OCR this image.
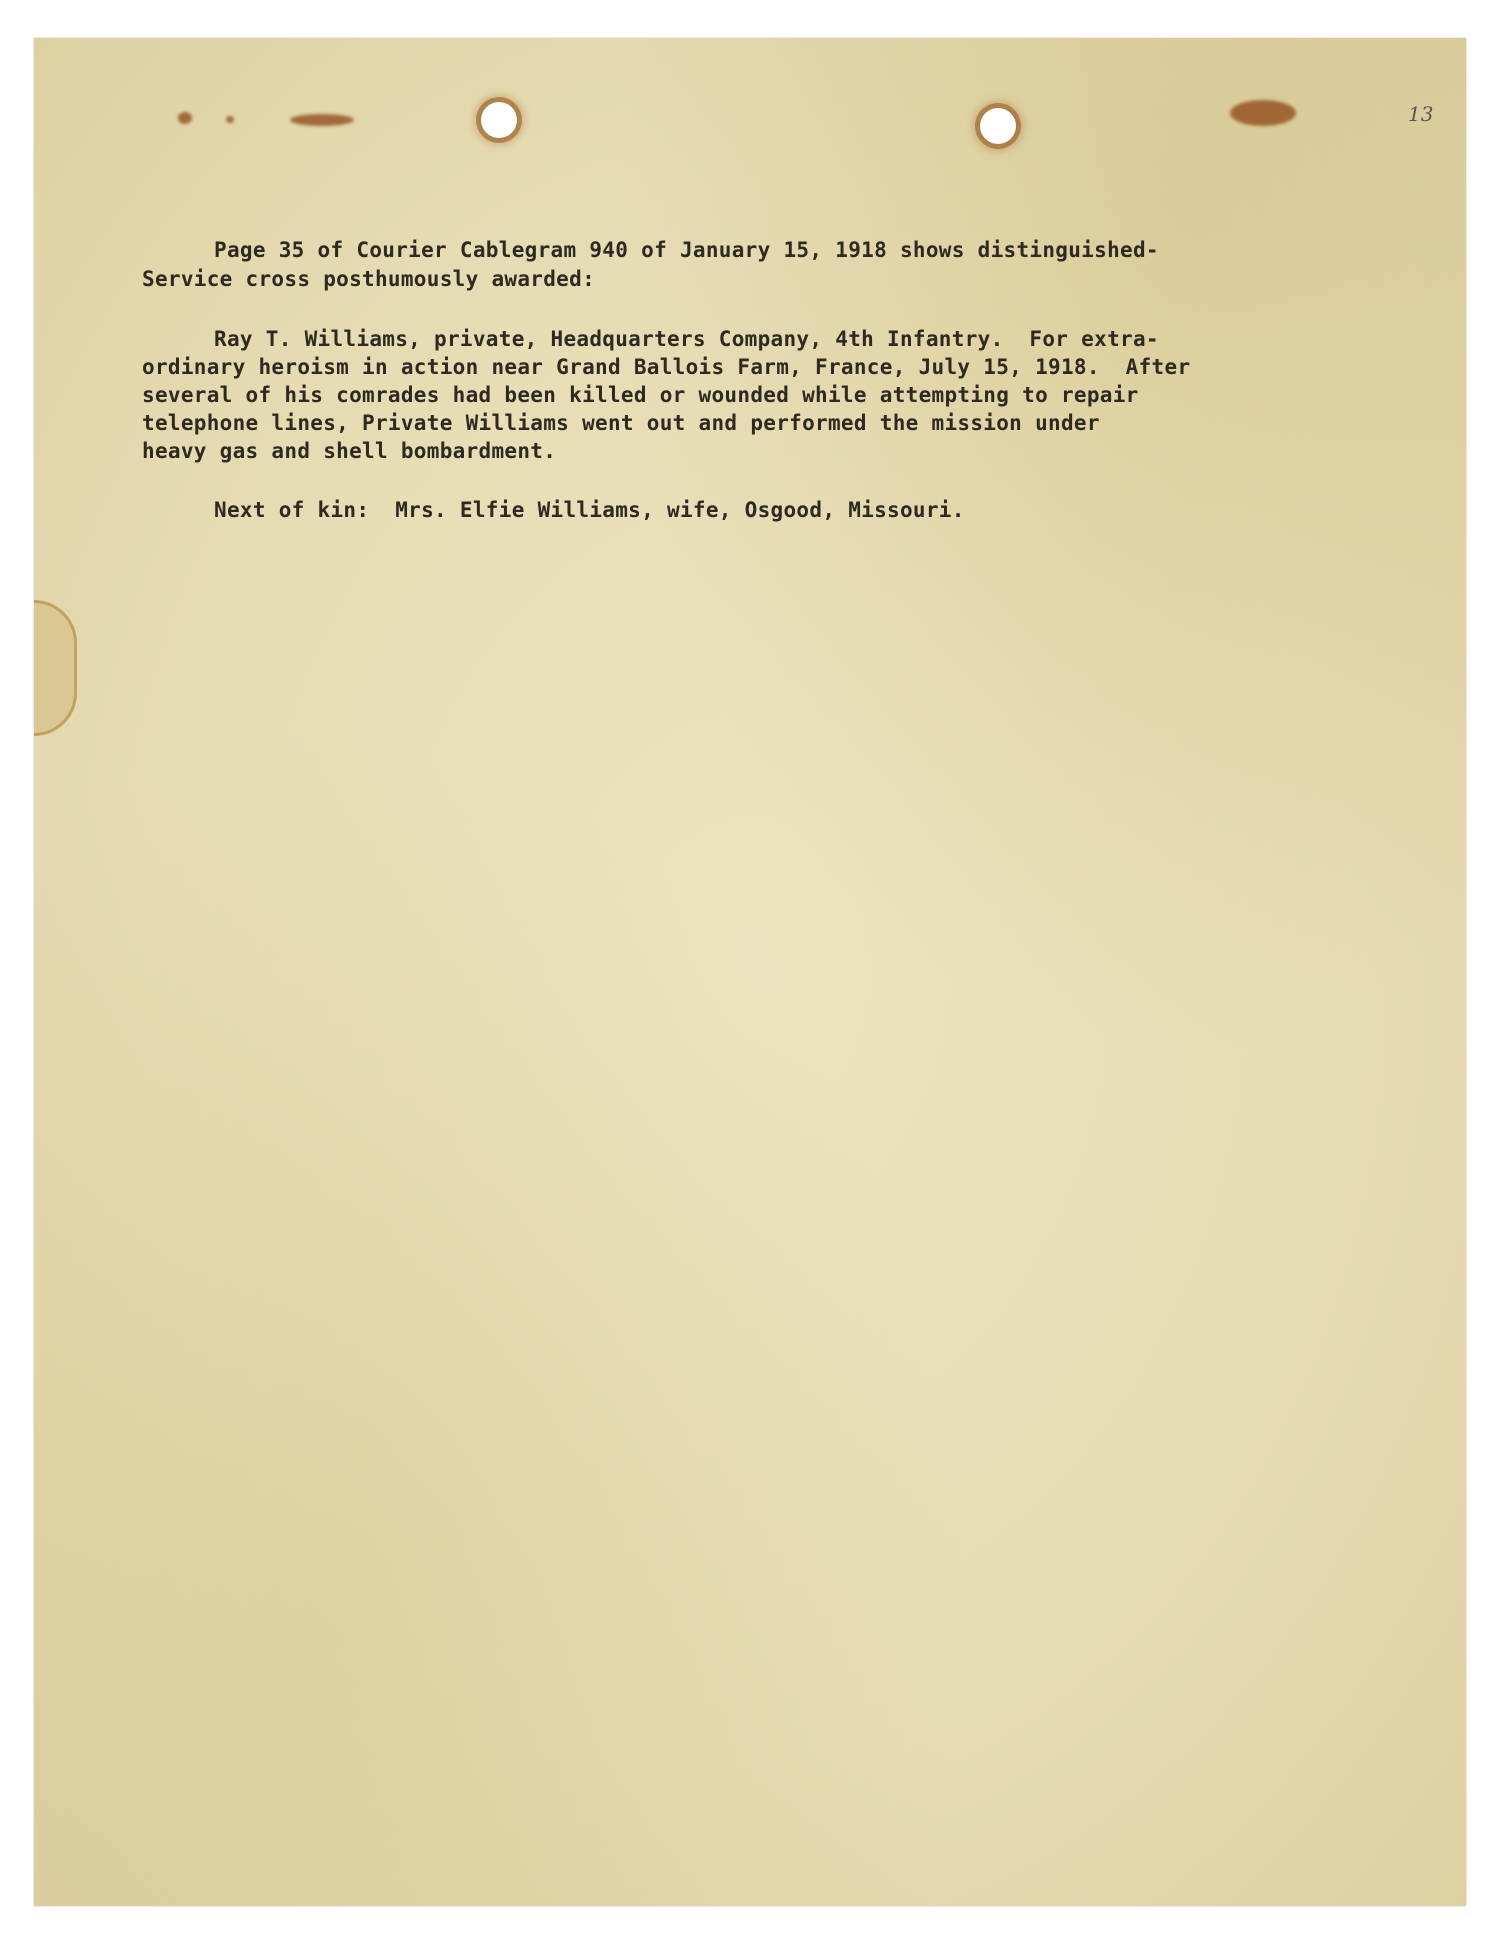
13
Page 35 of Courier Cablegram 940 of January 15, 1918 shows distinguished-
Service cross posthumously awarded:
Ray T. Williams, private, Headquarters Company, 4th Infantry.  For extra-
ordinary heroism in action near Grand Ballois Farm, France, July 15, 1918.  After
several of his comrades had been killed or wounded while attempting to repair
telephone lines, Private Williams went out and performed the mission under
heavy gas and shell bombardment.
Next of kin:  Mrs. Elfie Williams, wife, Osgood, Missouri.
